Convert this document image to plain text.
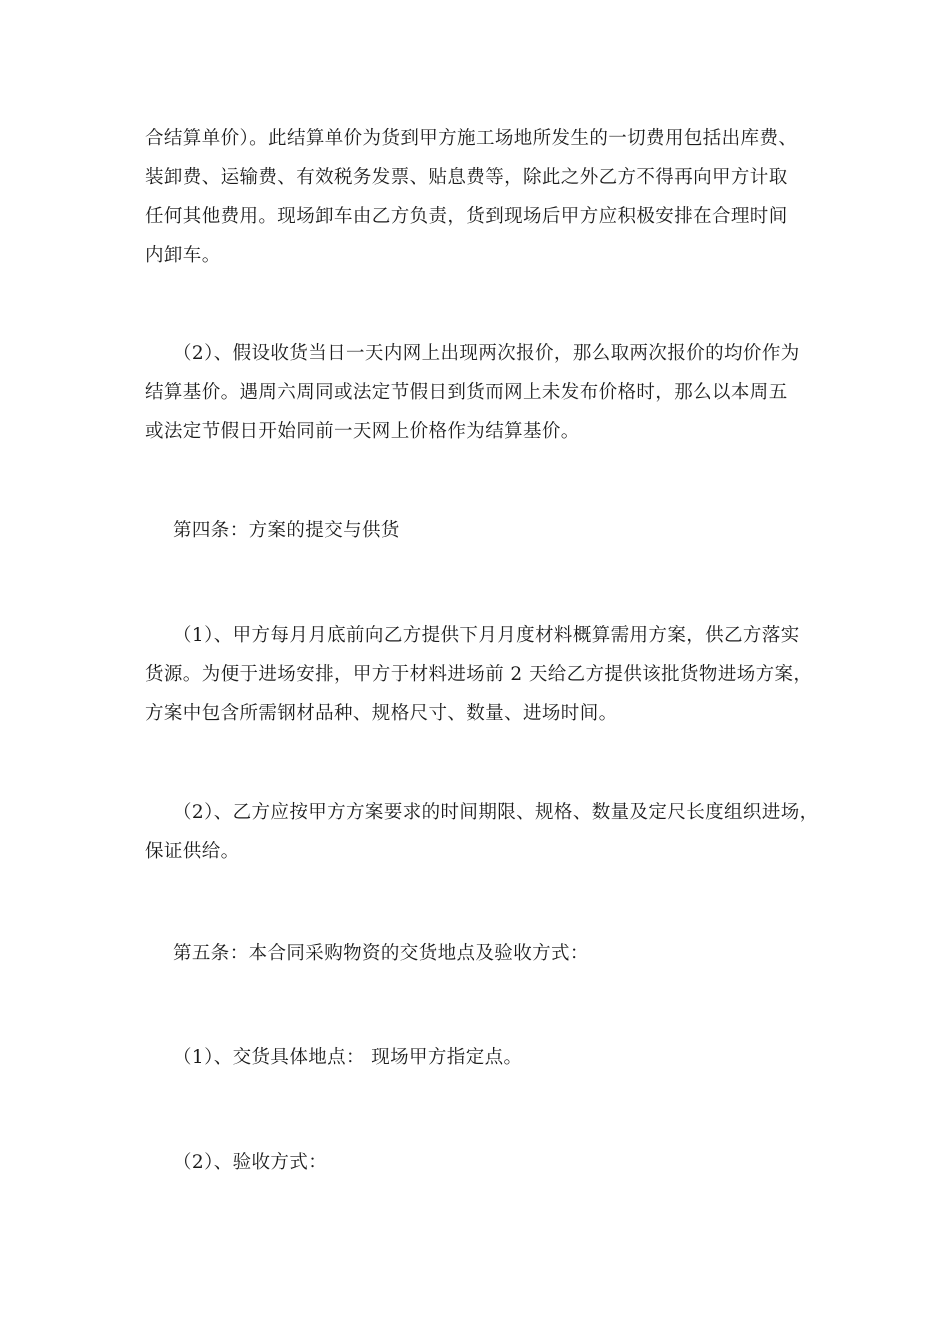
合结算单价）。此结算单价为货到甲方施工场地所发生的一切费用包括出库费、
装卸费、运输费、有效税务发票、贴息费等，除此之外乙方不得再向甲方计取
任何其他费用。现场卸车由乙方负责，货到现场后甲方应积极安排在合理时间
内卸车。
（2）、假设收货当日一天内网上出现两次报价，那么取两次报价的均价作为
结算基价。遇周六周同或法定节假日到货而网上未发布价格时，那么以本周五
或法定节假日开始同前一天网上价格作为结算基价。
第四条：方案的提交与供货
（1）、甲方每月月底前向乙方提供下月月度材料概算需用方案，供乙方落实
货源。为便于进场安排，甲方于材料进场前 2 天给乙方提供该批货物进场方案，
方案中包含所需钢材品种、规格尺寸、数量、进场时间。
（2）、乙方应按甲方方案要求的时间期限、规格、数量及定尺长度组织进场，
保证供给。
第五条：本合同采购物资的交货地点及验收方式：
（1）、交货具体地点： 现场甲方指定点。
（2）、验收方式：
